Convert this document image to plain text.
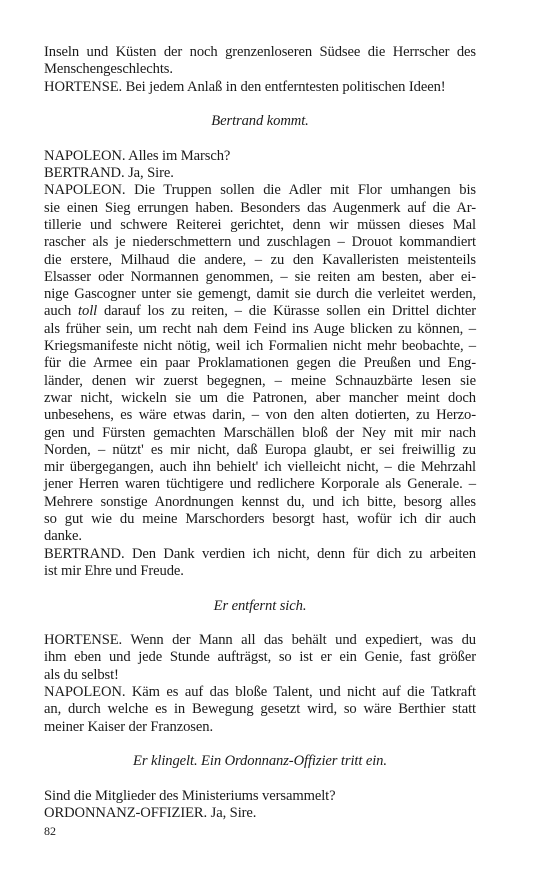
Inseln und Küsten der noch grenzenloseren Südsee die Herrscher des
Menschengeschlechts.
HORTENSE. Bei jedem Anlaß in den entferntesten politischen Ideen!
Bertrand kommt.
NAPOLEON. Alles im Marsch?
BERTRAND. Ja, Sire.
NAPOLEON. Die Truppen sollen die Adler mit Flor umhangen bis
sie einen Sieg errungen haben. Besonders das Augenmerk auf die Ar-
tillerie und schwere Reiterei gerichtet, denn wir müssen dieses Mal
rascher als je niederschmettern und zuschlagen – Drouot kommandiert
die erstere, Milhaud die andere, – zu den Kavalleristen meistenteils
Elsasser oder Normannen genommen, – sie reiten am besten, aber ei-
nige Gascogner unter sie gemengt, damit sie durch die verleitet werden,
auch toll darauf los zu reiten, – die Kürasse sollen ein Drittel dichter
als früher sein, um recht nah dem Feind ins Auge blicken zu können, –
Kriegsmanifeste nicht nötig, weil ich Formalien nicht mehr beobachte, –
für die Armee ein paar Proklamationen gegen die Preußen und Eng-
länder, denen wir zuerst begegnen, – meine Schnauzbärte lesen sie
zwar nicht, wickeln sie um die Patronen, aber mancher meint doch
unbesehens, es wäre etwas darin, – von den alten dotierten, zu Herzo-
gen und Fürsten gemachten Marschällen bloß der Ney mit mir nach
Norden, – nützt' es mir nicht, daß Europa glaubt, er sei freiwillig zu
mir übergegangen, auch ihn behielt' ich vielleicht nicht, – die Mehrzahl
jener Herren waren tüchtigere und redlichere Korporale als Generale. –
Mehrere sonstige Anordnungen kennst du, und ich bitte, besorg alles
so gut wie du meine Marschorders besorgt hast, wofür ich dir auch
danke.
BERTRAND. Den Dank verdien ich nicht, denn für dich zu arbeiten
ist mir Ehre und Freude.
Er entfernt sich.
HORTENSE. Wenn der Mann all das behält und expediert, was du
ihm eben und jede Stunde aufträgst, so ist er ein Genie, fast größer
als du selbst!
NAPOLEON. Käm es auf das bloße Talent, und nicht auf die Tatkraft
an, durch welche es in Bewegung gesetzt wird, so wäre Berthier statt
meiner Kaiser der Franzosen.
Er klingelt. Ein Ordonnanz-Offizier tritt ein.
Sind die Mitglieder des Ministeriums versammelt?
ORDONNANZ-OFFIZIER. Ja, Sire.
82
